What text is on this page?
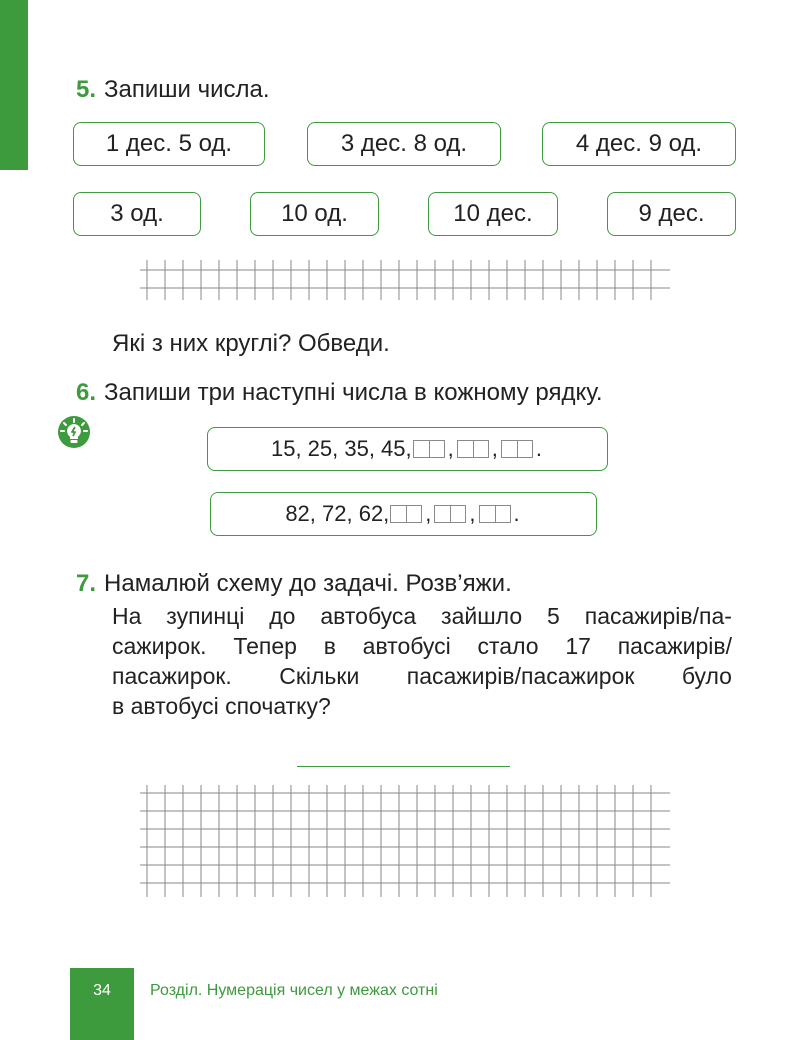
5. Запиши числа.
1 дес. 5 од.	3 дес. 8 од.	4 дес. 9 од.
3 од.	10 од.	10 дес.	9 дес.
Які з них круглі? Обведи.
6. Запиши три наступні числа в кожному рядку.
15, 25, 35, 45, , , .
82, 72, 62, , , .
7. Намалюй схему до задачі. Розв’яжи.
На зупинці до автобуса зайшло 5 пасажирів/па-
сажирок. Тепер в автобусі стало 17 пасажирів/
пасажирок. Скільки пасажирів/пасажирок було
в автобусі спочатку?
34	Розділ. Нумерація чисел у межах сотні
